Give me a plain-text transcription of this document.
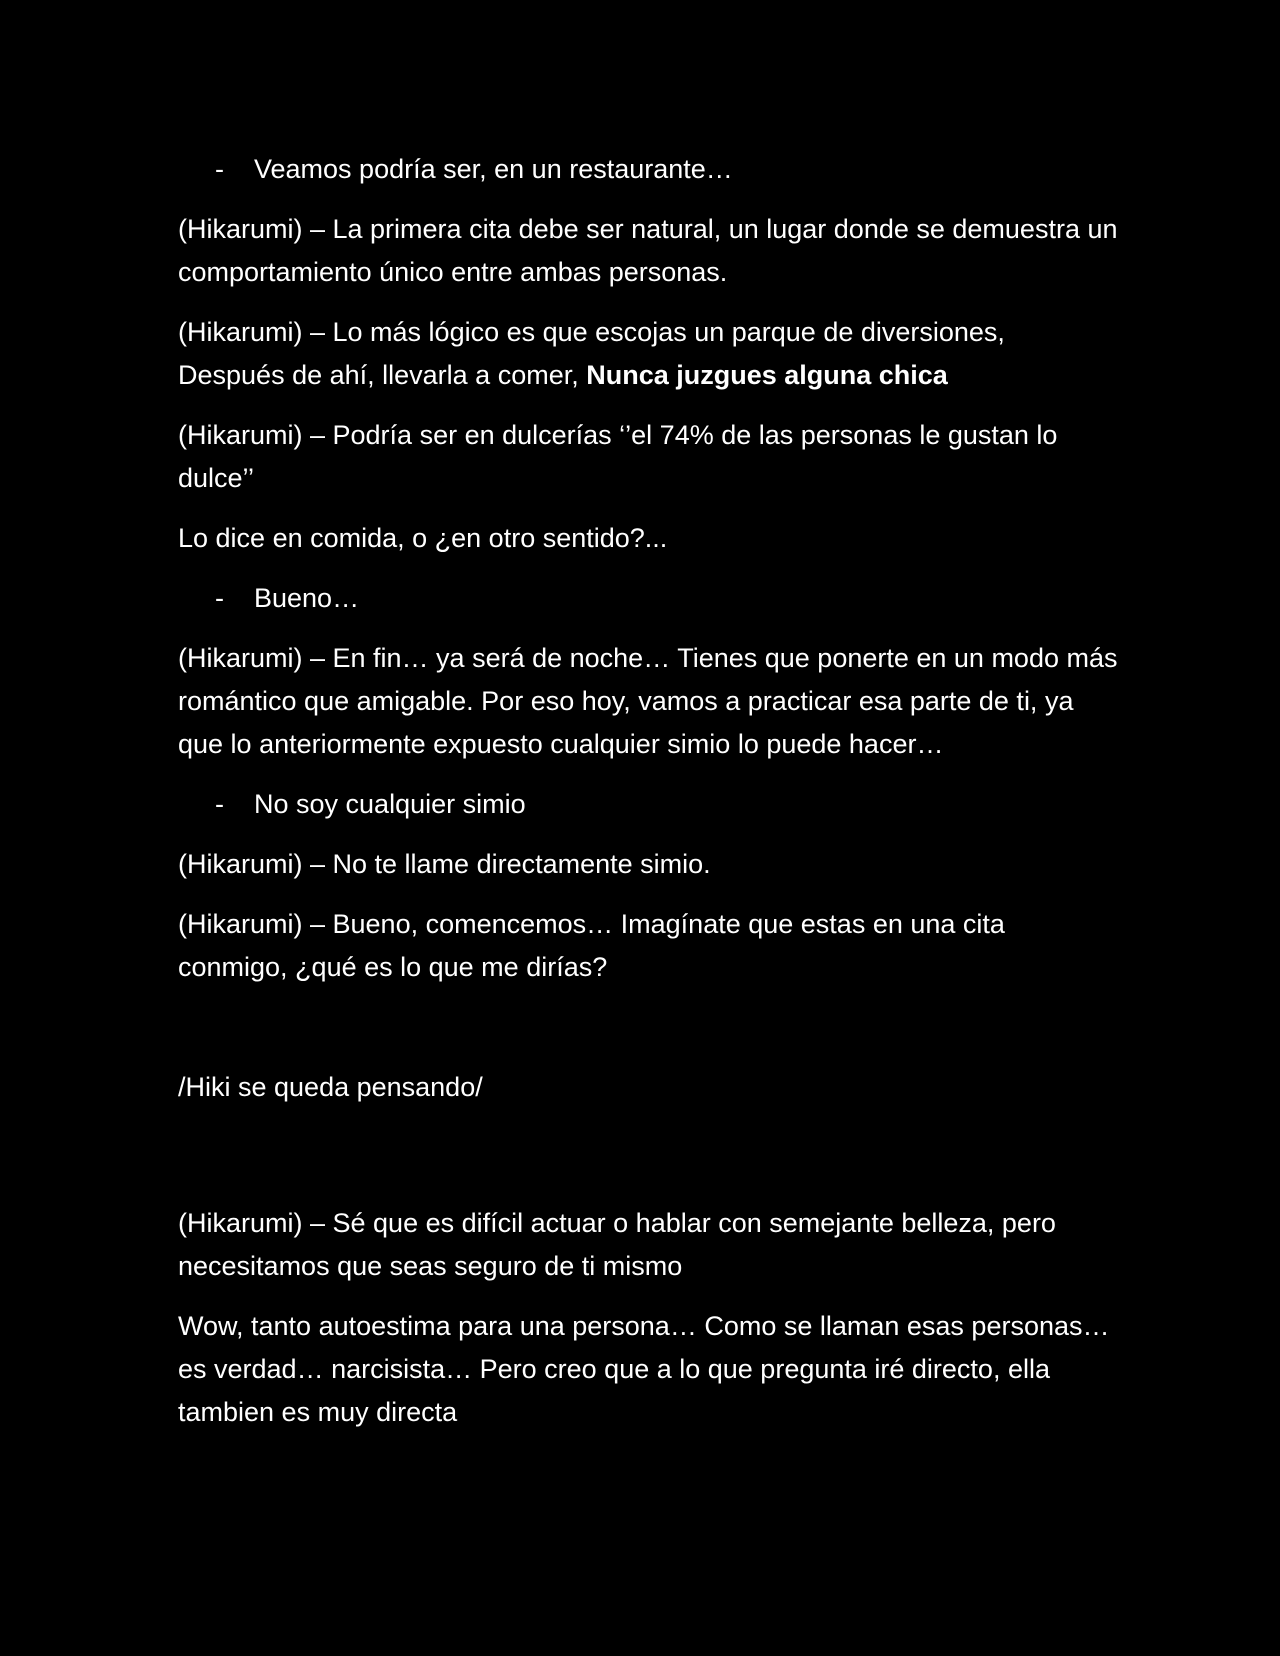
- Veamos podría ser, en un restaurante…

(Hikarumi) – La primera cita debe ser natural, un lugar donde se demuestra un comportamiento único entre ambas personas.

(Hikarumi) – Lo más lógico es que escojas un parque de diversiones, Después de ahí, llevarla a comer, Nunca juzgues alguna chica

(Hikarumi) – Podría ser en dulcerías ‘’el 74% de las personas le gustan lo dulce’’

Lo dice en comida, o ¿en otro sentido?...

- Bueno…

(Hikarumi) – En fin… ya será de noche… Tienes que ponerte en un modo más romántico que amigable. Por eso hoy, vamos a practicar esa parte de ti, ya que lo anteriormente expuesto cualquier simio lo puede hacer…

- No soy cualquier simio

(Hikarumi) – No te llame directamente simio.

(Hikarumi) – Bueno, comencemos… Imagínate que estas en una cita conmigo, ¿qué es lo que me dirías?

/Hiki se queda pensando/

(Hikarumi) – Sé que es difícil actuar o hablar con semejante belleza, pero necesitamos que seas seguro de ti mismo

Wow, tanto autoestima para una persona… Como se llaman esas personas… es verdad… narcisista… Pero creo que a lo que pregunta iré directo, ella tambien es muy directa
